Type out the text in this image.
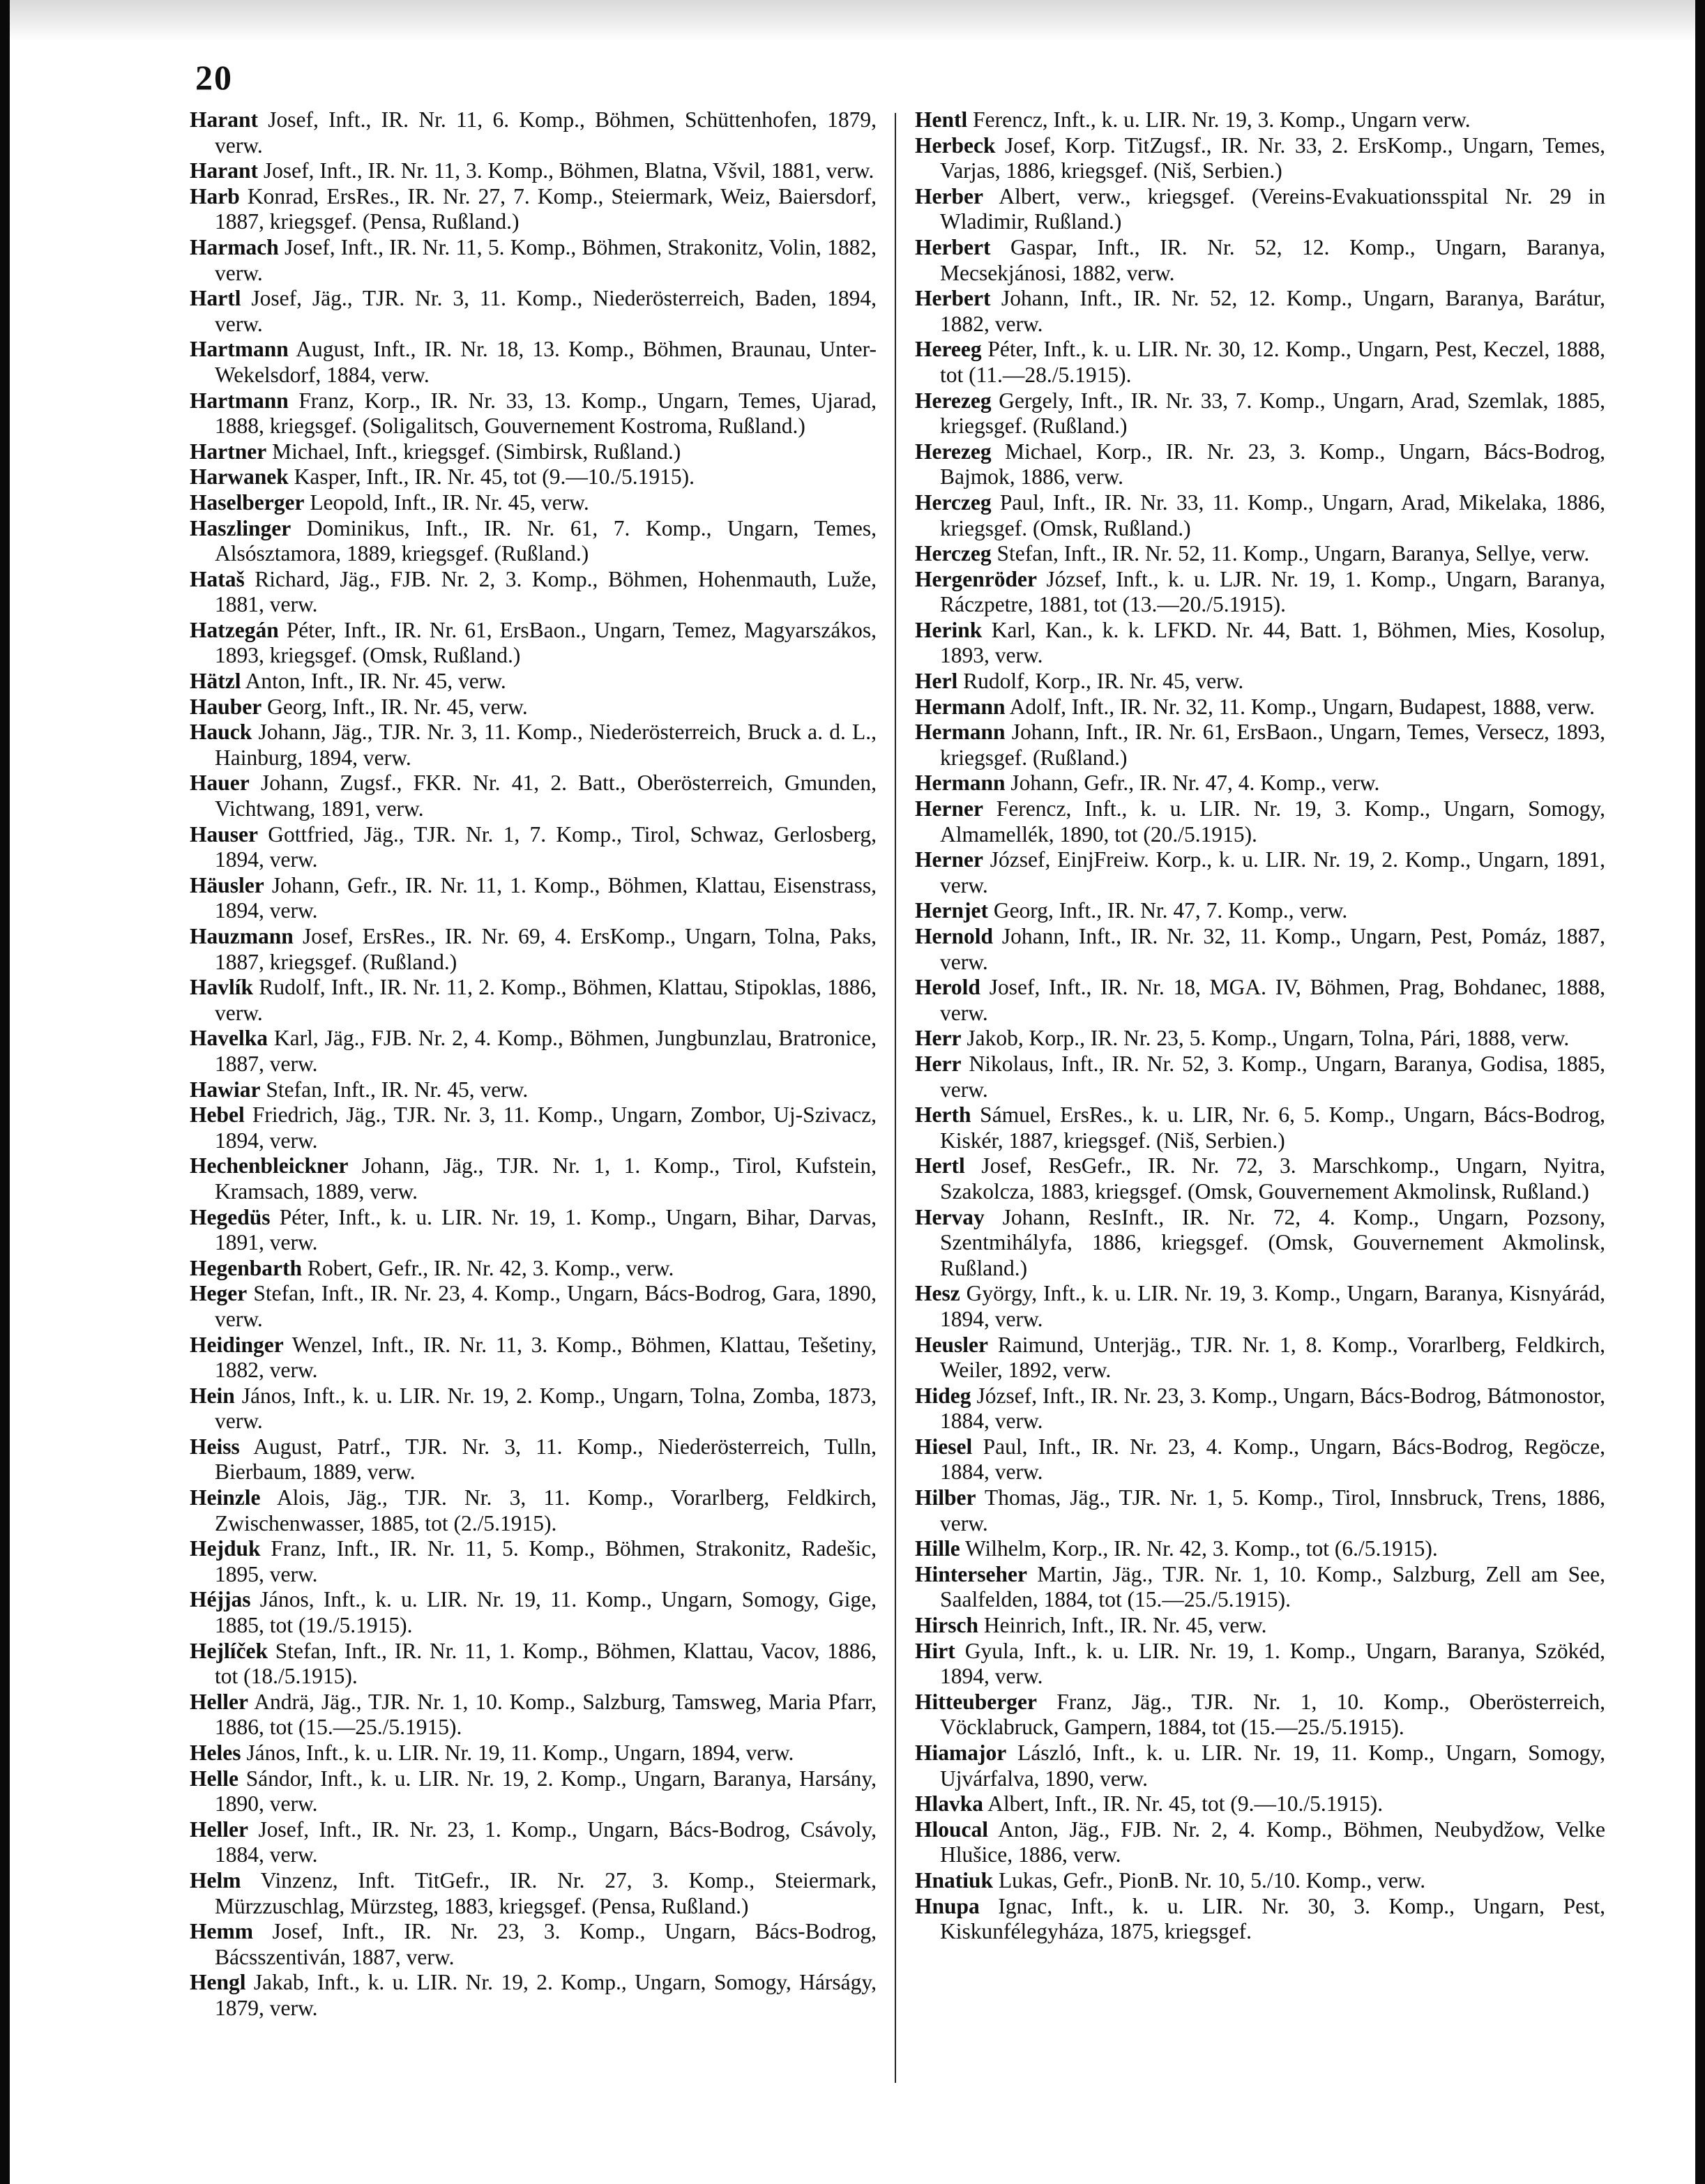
20
Harant Josef, Inft., IR. Nr. 11, 6. Komp., Böhmen, Schüttenhofen, 1879, verw.
Harant Josef, Inft., IR. Nr. 11, 3. Komp., Böhmen, Blatna, Všvil, 1881, verw.
Harb Konrad, ErsRes., IR. Nr. 27, 7. Komp., Steiermark, Weiz, Baiersdorf, 1887, kriegsgef. (Pensa, Rußland.)
Harmach Josef, Inft., IR. Nr. 11, 5. Komp., Böhmen, Strakonitz, Volin, 1882, verw.
Hartl Josef, Jäg., TJR. Nr. 3, 11. Komp., Niederösterreich, Baden, 1894, verw.
Hartmann August, Inft., IR. Nr. 18, 13. Komp., Böhmen, Braunau, Unter-Wekelsdorf, 1884, verw.
Hartmann Franz, Korp., IR. Nr. 33, 13. Komp., Ungarn, Temes, Ujarad, 1888, kriegsgef. (Soligalitsch, Gouvernement Kostroma, Rußland.)
Hartner Michael, Inft., kriegsgef. (Simbirsk, Rußland.)
Harwanek Kasper, Inft., IR. Nr. 45, tot (9.—10./5.1915).
Haselberger Leopold, Inft., IR. Nr. 45, verw.
Haszlinger Dominikus, Inft., IR. Nr. 61, 7. Komp., Ungarn, Temes, Alsósztamora, 1889, kriegsgef. (Rußland.)
Hataš Richard, Jäg., FJB. Nr. 2, 3. Komp., Böhmen, Hohenmauth, Luže, 1881, verw.
Hatzegán Péter, Inft., IR. Nr. 61, ErsBaon., Ungarn, Temez, Magyarszákos, 1893, kriegsgef. (Omsk, Rußland.)
Hätzl Anton, Inft., IR. Nr. 45, verw.
Hauber Georg, Inft., IR. Nr. 45, verw.
Hauck Johann, Jäg., TJR. Nr. 3, 11. Komp., Niederösterreich, Bruck a. d. L., Hainburg, 1894, verw.
Hauer Johann, Zugsf., FKR. Nr. 41, 2. Batt., Oberösterreich, Gmunden, Vichtwang, 1891, verw.
Hauser Gottfried, Jäg., TJR. Nr. 1, 7. Komp., Tirol, Schwaz, Gerlosberg, 1894, verw.
Häusler Johann, Gefr., IR. Nr. 11, 1. Komp., Böhmen, Klattau, Eisenstrass, 1894, verw.
Hauzmann Josef, ErsRes., IR. Nr. 69, 4. ErsKomp., Ungarn, Tolna, Paks, 1887, kriegsgef. (Rußland.)
Havlík Rudolf, Inft., IR. Nr. 11, 2. Komp., Böhmen, Klattau, Stipoklas, 1886, verw.
Havelka Karl, Jäg., FJB. Nr. 2, 4. Komp., Böhmen, Jungbunzlau, Bratronice, 1887, verw.
Hawiar Stefan, Inft., IR. Nr. 45, verw.
Hebel Friedrich, Jäg., TJR. Nr. 3, 11. Komp., Ungarn, Zombor, Uj-Szivacz, 1894, verw.
Hechenbleickner Johann, Jäg., TJR. Nr. 1, 1. Komp., Tirol, Kufstein, Kramsach, 1889, verw.
Hegedüs Péter, Inft., k. u. LIR. Nr. 19, 1. Komp., Ungarn, Bihar, Darvas, 1891, verw.
Hegenbarth Robert, Gefr., IR. Nr. 42, 3. Komp., verw.
Heger Stefan, Inft., IR. Nr. 23, 4. Komp., Ungarn, Bács-Bodrog, Gara, 1890, verw.
Heidinger Wenzel, Inft., IR. Nr. 11, 3. Komp., Böhmen, Klattau, Tešetiny, 1882, verw.
Hein János, Inft., k. u. LIR. Nr. 19, 2. Komp., Ungarn, Tolna, Zomba, 1873, verw.
Heiss August, Patrf., TJR. Nr. 3, 11. Komp., Niederösterreich, Tulln, Bierbaum, 1889, verw.
Heinzle Alois, Jäg., TJR. Nr. 3, 11. Komp., Vorarlberg, Feldkirch, Zwischenwasser, 1885, tot (2./5.1915).
Hejduk Franz, Inft., IR. Nr. 11, 5. Komp., Böhmen, Strakonitz, Radešic, 1895, verw.
Héjjas János, Inft., k. u. LIR. Nr. 19, 11. Komp., Ungarn, Somogy, Gige, 1885, tot (19./5.1915).
Hejlíček Stefan, Inft., IR. Nr. 11, 1. Komp., Böhmen, Klattau, Vacov, 1886, tot (18./5.1915).
Heller Andrä, Jäg., TJR. Nr. 1, 10. Komp., Salzburg, Tamsweg, Maria Pfarr, 1886, tot (15.—25./5.1915).
Heles János, Inft., k. u. LIR. Nr. 19, 11. Komp., Ungarn, 1894, verw.
Helle Sándor, Inft., k. u. LIR. Nr. 19, 2. Komp., Ungarn, Baranya, Harsány, 1890, verw.
Heller Josef, Inft., IR. Nr. 23, 1. Komp., Ungarn, Bács-Bodrog, Csávoly, 1884, verw.
Helm Vinzenz, Inft. TitGefr., IR. Nr. 27, 3. Komp., Steiermark, Mürzzuschlag, Mürzsteg, 1883, kriegsgef. (Pensa, Rußland.)
Hemm Josef, Inft., IR. Nr. 23, 3. Komp., Ungarn, Bács-Bodrog, Bácsszentiván, 1887, verw.
Hengl Jakab, Inft., k. u. LIR. Nr. 19, 2. Komp., Ungarn, Somogy, Hárságy, 1879, verw.
Hentl Ferencz, Inft., k. u. LIR. Nr. 19, 3. Komp., Ungarn verw.
Herbeck Josef, Korp. TitZugsf., IR. Nr. 33, 2. ErsKomp., Ungarn, Temes, Varjas, 1886, kriegsgef. (Niš, Serbien.)
Herber Albert, verw., kriegsgef. (Vereins-Evakuationsspital Nr. 29 in Wladimir, Rußland.)
Herbert Gaspar, Inft., IR. Nr. 52, 12. Komp., Ungarn, Baranya, Mecsekjánosi, 1882, verw.
Herbert Johann, Inft., IR. Nr. 52, 12. Komp., Ungarn, Baranya, Barátur, 1882, verw.
Hereeg Péter, Inft., k. u. LIR. Nr. 30, 12. Komp., Ungarn, Pest, Keczel, 1888, tot (11.—28./5.1915).
Herezeg Gergely, Inft., IR. Nr. 33, 7. Komp., Ungarn, Arad, Szemlak, 1885, kriegsgef. (Rußland.)
Herezeg Michael, Korp., IR. Nr. 23, 3. Komp., Ungarn, Bács-Bodrog, Bajmok, 1886, verw.
Herczeg Paul, Inft., IR. Nr. 33, 11. Komp., Ungarn, Arad, Mikelaka, 1886, kriegsgef. (Omsk, Rußland.)
Herczeg Stefan, Inft., IR. Nr. 52, 11. Komp., Ungarn, Baranya, Sellye, verw.
Hergenröder József, Inft., k. u. LJR. Nr. 19, 1. Komp., Ungarn, Baranya, Ráczpetre, 1881, tot (13.—20./5.1915).
Herink Karl, Kan., k. k. LFKD. Nr. 44, Batt. 1, Böhmen, Mies, Kosolup, 1893, verw.
Herl Rudolf, Korp., IR. Nr. 45, verw.
Hermann Adolf, Inft., IR. Nr. 32, 11. Komp., Ungarn, Budapest, 1888, verw.
Hermann Johann, Inft., IR. Nr. 61, ErsBaon., Ungarn, Temes, Versecz, 1893, kriegsgef. (Rußland.)
Hermann Johann, Gefr., IR. Nr. 47, 4. Komp., verw.
Herner Ferencz, Inft., k. u. LIR. Nr. 19, 3. Komp., Ungarn, Somogy, Almamellék, 1890, tot (20./5.1915).
Herner József, EinjFreiw. Korp., k. u. LIR. Nr. 19, 2. Komp., Ungarn, 1891, verw.
Hernjet Georg, Inft., IR. Nr. 47, 7. Komp., verw.
Hernold Johann, Inft., IR. Nr. 32, 11. Komp., Ungarn, Pest, Pomáz, 1887, verw.
Herold Josef, Inft., IR. Nr. 18, MGA. IV, Böhmen, Prag, Bohdanec, 1888, verw.
Herr Jakob, Korp., IR. Nr. 23, 5. Komp., Ungarn, Tolna, Pári, 1888, verw.
Herr Nikolaus, Inft., IR. Nr. 52, 3. Komp., Ungarn, Baranya, Godisa, 1885, verw.
Herth Sámuel, ErsRes., k. u. LIR, Nr. 6, 5. Komp., Ungarn, Bács-Bodrog, Kiskér, 1887, kriegsgef. (Niš, Serbien.)
Hertl Josef, ResGefr., IR. Nr. 72, 3. Marschkomp., Ungarn, Nyitra, Szakolcza, 1883, kriegsgef. (Omsk, Gouvernement Akmolinsk, Rußland.)
Hervay Johann, ResInft., IR. Nr. 72, 4. Komp., Ungarn, Pozsony, Szentmihályfa, 1886, kriegsgef. (Omsk, Gouvernement Akmolinsk, Rußland.)
Hesz György, Inft., k. u. LIR. Nr. 19, 3. Komp., Ungarn, Baranya, Kisnyárád, 1894, verw.
Heusler Raimund, Unterjäg., TJR. Nr. 1, 8. Komp., Vorarlberg, Feldkirch, Weiler, 1892, verw.
Hideg József, Inft., IR. Nr. 23, 3. Komp., Ungarn, Bács-Bodrog, Bátmonostor, 1884, verw.
Hiesel Paul, Inft., IR. Nr. 23, 4. Komp., Ungarn, Bács-Bodrog, Regöcze, 1884, verw.
Hilber Thomas, Jäg., TJR. Nr. 1, 5. Komp., Tirol, Innsbruck, Trens, 1886, verw.
Hille Wilhelm, Korp., IR. Nr. 42, 3. Komp., tot (6./5.1915).
Hinterseher Martin, Jäg., TJR. Nr. 1, 10. Komp., Salzburg, Zell am See, Saalfelden, 1884, tot (15.—25./5.1915).
Hirsch Heinrich, Inft., IR. Nr. 45, verw.
Hirt Gyula, Inft., k. u. LIR. Nr. 19, 1. Komp., Ungarn, Baranya, Szökéd, 1894, verw.
Hitteuberger Franz, Jäg., TJR. Nr. 1, 10. Komp., Oberösterreich, Vöcklabruck, Gampern, 1884, tot (15.—25./5.1915).
Hiamajor László, Inft., k. u. LIR. Nr. 19, 11. Komp., Ungarn, Somogy, Ujvárfalva, 1890, verw.
Hlavka Albert, Inft., IR. Nr. 45, tot (9.—10./5.1915).
Hloucal Anton, Jäg., FJB. Nr. 2, 4. Komp., Böhmen, Neubydžow, Velke Hlušice, 1886, verw.
Hnatiuk Lukas, Gefr., PionB. Nr. 10, 5./10. Komp., verw.
Hnupa Ignac, Inft., k. u. LIR. Nr. 30, 3. Komp., Ungarn, Pest, Kiskunfélegyháza, 1875, kriegsgef.
